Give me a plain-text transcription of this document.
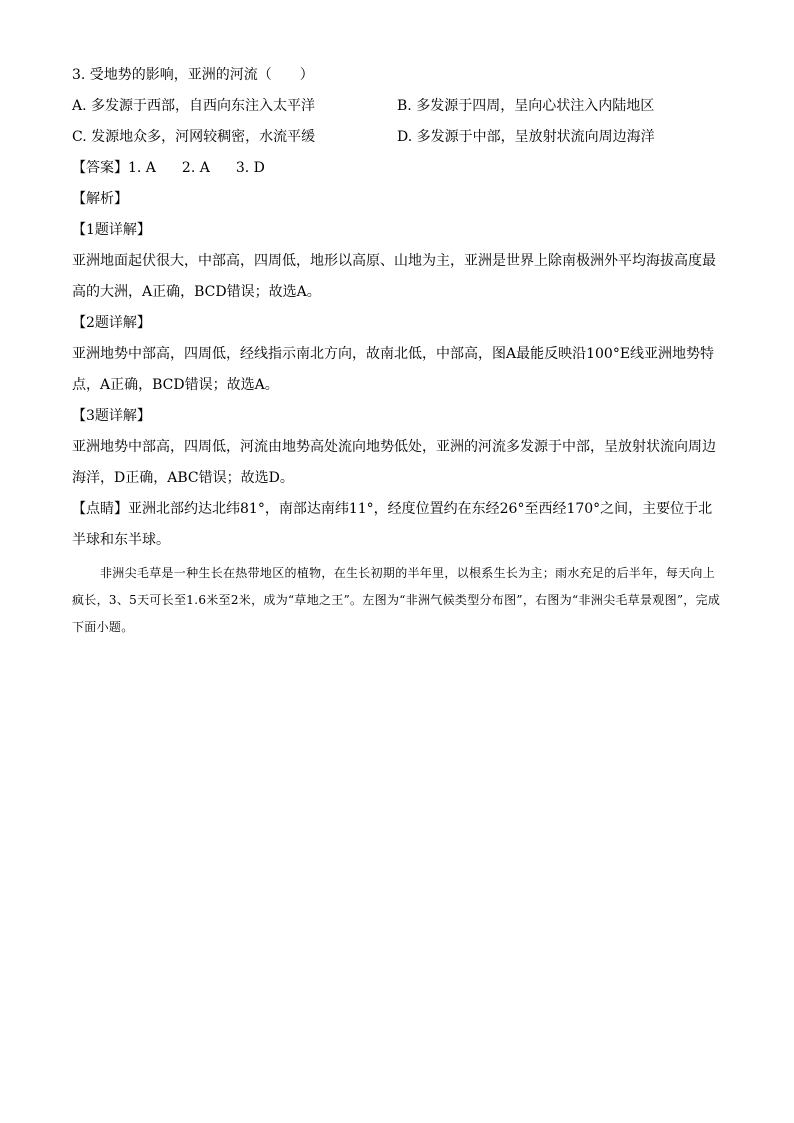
3. 受地势的影响，亚洲的河流（　　）
A. 多发源于西部，自西向东注入太平洋	B. 多发源于四周，呈向心状注入内陆地区
C. 发源地众多，河网较稠密，水流平缓	D. 多发源于中部，呈放射状流向周边海洋
【答案】1. A 2. A 3. D
【解析】
【1题详解】
亚洲地面起伏很大，中部高，四周低，地形以高原、山地为主，亚洲是世界上除南极洲外平均海拔高度最高的大洲，A正确，BCD错误；故选A。
【2题详解】
亚洲地势中部高，四周低，经线指示南北方向，故南北低，中部高，图A最能反映沿100°E线亚洲地势特点，A正确，BCD错误；故选A。
【3题详解】
亚洲地势中部高，四周低，河流由地势高处流向地势低处，亚洲的河流多发源于中部，呈放射状流向周边海洋，D正确，ABC错误；故选D。
【点睛】亚洲北部约达北纬81°，南部达南纬11°，经度位置约在东经26°至西经170°之间，主要位于北半球和东半球。
非洲尖毛草是一种生长在热带地区的植物，在生长初期的半年里，以根系生长为主；雨水充足的后半年，每天向上疯长，3、5天可长至1.6米至2米，成为“草地之王”。左图为“非洲气候类型分布图”，右图为“非洲尖毛草景观图”，完成下面小题。
